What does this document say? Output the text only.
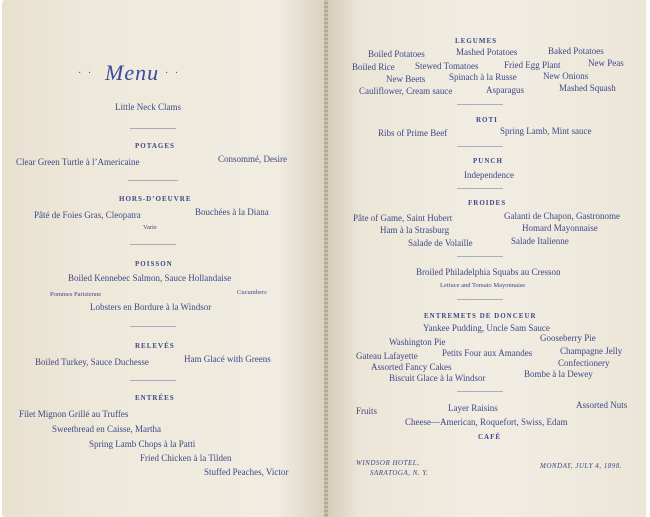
· · Menu · ·
Little Neck Clams
POTAGES
Clear Green Turtle à l’Americaine	Consommé, Desire
HORS-D’OEUVRE
Pâté de Foies Gras, Cleopatra	Bouchées à la Diana
Varie
POISSON
Boiled Kennebec Salmon, Sauce Hollandaise
Pommes Parisienne	Cucumbers
Lobsters en Bordure à la Windsor
RELEVÉS
Boiled Turkey, Sauce Duchesse	Ham Glacé with Greens
ENTRÉES
Filet Mignon Grillé au Truffes
Sweetbread en Caisse, Martha
Spring Lamb Chops à la Patti
Fried Chicken à la Tilden
Stuffed Peaches, Victor
LEGUMES
Boiled Potatoes	Mashed Potatoes	Baked Potatoes
Boiled Rice Stewed Tomatoes	Fried Egg Plant	New Peas
New Beets	Spinach à la Russe	New Onions
Cauliflower, Cream sauce	Asparagus	Mashed Squash
ROTI
Ribs of Prime Beef	Spring Lamb, Mint sauce
PUNCH
Independence
FROIDES
Pâte of Game, Saint Hubert	Galanti de Chapon, Gastronome
Ham à la Strasburg	Homard Mayonnaise
Salade de Volaille	Salade Italienne
Broiled Philadelphia Squabs au Cresson
Lettuce and Tomato Mayonnaise
ENTREMETS DE DONCEUR
Yankee Pudding, Uncle Sam Sauce
Washington Pie	Gooseberry Pie
Gateau Lafayette	Petits Four aux Amandes	Champagne Jelly
Assorted Fancy Cakes	Confectionery
Biscuit Glace à la Windsor	Bombe à la Dewey
Fruits	Layer Raisins	Assorted Nuts
Cheese—American, Roquefort, Swiss, Edam
CAFÉ
WINDSOR HOTEL,
SARATOGA, N. Y.
MONDAY, JULY 4, 1898.
